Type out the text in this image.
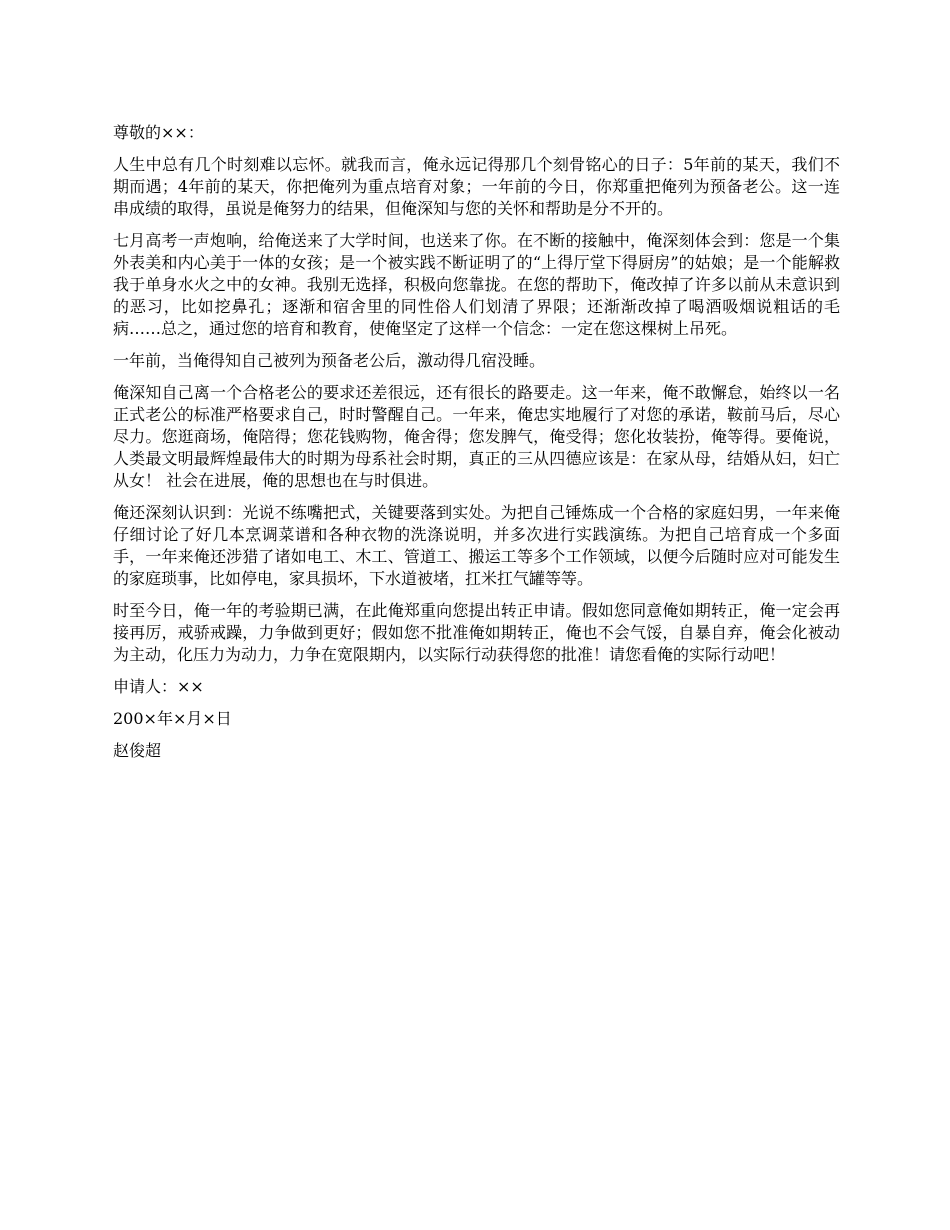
尊敬的××：

人生中总有几个时刻难以忘怀。就我而言，俺永远记得那几个刻骨铭心的日子：5年前的某天，我们不期而遇；4年前的某天，你把俺列为重点培育对象；一年前的今日，你郑重把俺列为预备老公。这一连串成绩的取得，虽说是俺努力的结果，但俺深知与您的关怀和帮助是分不开的。

七月高考一声炮响，给俺送来了大学时间，也送来了你。在不断的接触中，俺深刻体会到：您是一个集外表美和内心美于一体的女孩；是一个被实践不断证明了的“上得厅堂下得厨房”的姑娘；是一个能解救我于单身水火之中的女神。我别无选择，积极向您靠拢。在您的帮助下，俺改掉了许多以前从未意识到的恶习，比如挖鼻孔；逐渐和宿舍里的同性俗人们划清了界限；还渐渐改掉了喝酒吸烟说粗话的毛病……总之，通过您的培育和教育，使俺坚定了这样一个信念：一定在您这棵树上吊死。

一年前，当俺得知自己被列为预备老公后，激动得几宿没睡。

俺深知自己离一个合格老公的要求还差很远，还有很长的路要走。这一年来，俺不敢懈怠，始终以一名正式老公的标准严格要求自己，时时警醒自己。一年来，俺忠实地履行了对您的承诺，鞍前马后，尽心尽力。您逛商场，俺陪得；您花钱购物，俺舍得；您发脾气，俺受得；您化妆装扮，俺等得。要俺说，人类最文明最辉煌最伟大的时期为母系社会时期，真正的三从四德应该是：在家从母，结婚从妇，妇亡从女！ 社会在进展，俺的思想也在与时俱进。

俺还深刻认识到：光说不练嘴把式，关键要落到实处。为把自己锤炼成一个合格的家庭妇男，一年来俺仔细讨论了好几本烹调菜谱和各种衣物的洗涤说明，并多次进行实践演练。为把自己培育成一个多面手，一年来俺还涉猎了诸如电工、木工、管道工、搬运工等多个工作领域，以便今后随时应对可能发生的家庭琐事，比如停电，家具损坏，下水道被堵，扛米扛气罐等等。

时至今日，俺一年的考验期已满，在此俺郑重向您提出转正申请。假如您同意俺如期转正，俺一定会再接再厉，戒骄戒躁，力争做到更好；假如您不批准俺如期转正，俺也不会气馁，自暴自弃，俺会化被动为主动，化压力为动力，力争在宽限期内，以实际行动获得您的批准！请您看俺的实际行动吧！

申请人：××

200×年×月×日

赵俊超
